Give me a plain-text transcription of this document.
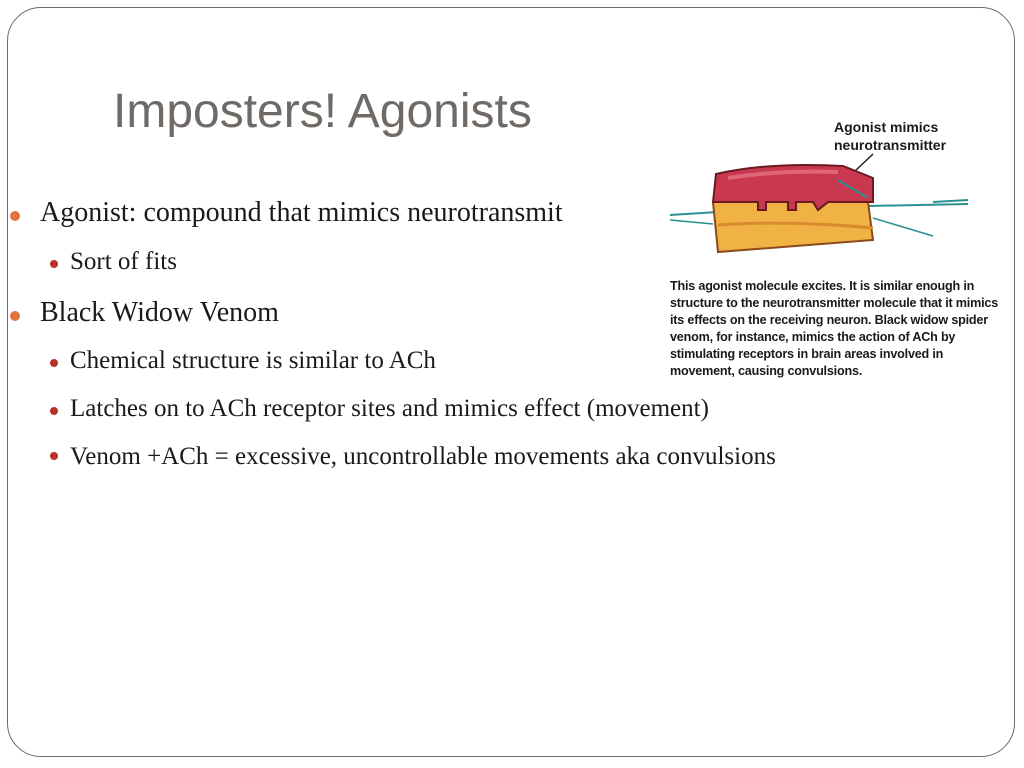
Imposters! Agonists
Agonist: compound that mimics neurotransmit
Sort of fits
Black Widow Venom
Chemical structure is similar to ACh
Latches on to ACh receptor sites and mimics effect (movement)
Venom +ACh = excessive, uncontrollable movements aka convulsions
Agonist mimics
neurotransmitter
This agonist molecule excites. It is similar enough in structure to the neurotransmitter molecule that it mimics its effects on the receiving neuron. Black widow spider venom, for instance, mimics the action of ACh by stimulating receptors in brain areas involved in movement, causing convulsions.
